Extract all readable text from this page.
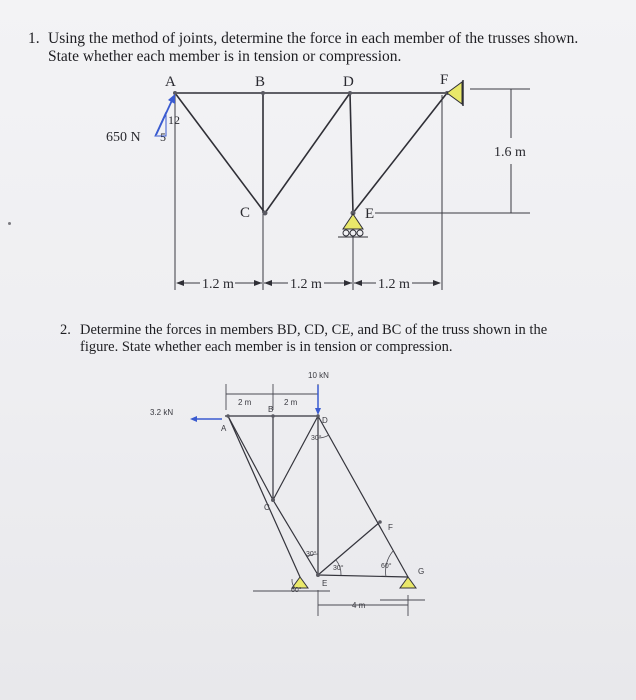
1. Using the method of joints, determine the force in each member of the trusses shown.
State whether each member is in tension or compression.
2. Determine the forces in members BD, CD, CE, and BC of the truss shown in the
figure. State whether each member is in tension or compression.
A	B	D	F
C	E
650 N
12
5
1.6 m
1.2 m	1.2 m	1.2 m
10 kN
3.2 kN
2 m	2 m
4 m
A
B
D
C
E
F
G
30°
30°
30°	60°
60°
